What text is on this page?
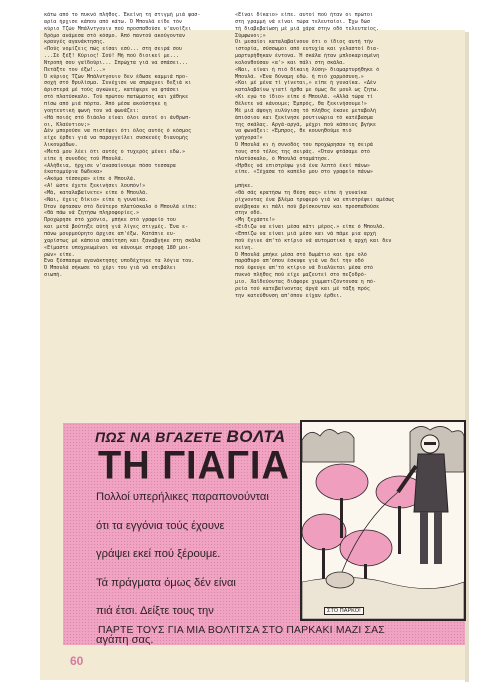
κάτω από το πυκνό πλήθος. Έκείνη τη στιγμή μιά φασ-
αρία ήρχισε κάπου από κάτω. Ό Μπουλά είδε τόν
κύριο Τζών Μπάλντγουιν πού προσπαθούσε ν'ανοίξει
δρόμο ανάμεσα στό κόσμο. Άπό παντού ακούγονταν
κραυγές αγανάκτησης.
«Πούς νομίζεις πώς είσαι εσύ... στη σειρά σου
...Σέ ξέξ! Κύριος! Σού! Μή πού διοικεί με...
Ντροπή σου γαϊδούρι... Σπρώχτα γιά να σπάσει...
Πετάξτε τον έξω!...»
Ό κύριος Τζών Μπάλντγουιν δεν έδωσε καμμιά προ-
σοχή στό θρυλίσμα. Συνέχισε να σπρώχνει δεξιά κι
άριστερά μέ τούς αγκώνες, κατέφερε να φτάσει
στό πλατύσκαλο. Τού πρώτου πατώματος και χάθηκε
πίσω από μιά πόρτα. Άπό μέσα ακούστηκε η
γοητευτική φωνή του νά φωνάζει:
«Ηά ποιός στό διάολο είναι όλοι αυτοί οι άνθρωπ-
οι, Κλαύντιον;»
Δέν μπορούσε να πιστέψει ότι όλος αυτός ό κόσμος
είχε έρθει γιά να παραγγείλει συσκευές διανομής
λικουμάδων.
«Μετά μου λέει ότι αυτός ο τυχερός μένει εδώ.»
είπε ή συνοδός τού Μπουλά.
«Αλήθεια, ήρχισε ν'ανασαίνουμε πόσο τεσσαρα
έκατομμύρια δώδεκα»
«Ακόμα τέσσερα» είπε ό Μπουλά.
«Α! ώστε έχετε ξεκινήσει λουπόν!»
«Μά, καταλαβαίνετε» είπε ό Μπουλά.
«Ναι, έχεις δίκιο» είπε η γυναίκα.
Όταν έφτασαν στό δεύτερο πλατύσκαλο ό Μπουλά είπε:
«Θά πάω νά ζητήσω πληροφορίες.»
Προχώρησε στό χρόνιο, μπήκε στό γραφείο του
και μετά βούτηξε αύτή γιά λίγες στιγμές. Ένα ε-
πάνω μουρμούρητο άρχισε απ'έξω. Κατάπιε ευ-
χαρίστως μέ κάποια απαίτηση και ξαναβγήκε στη σκάλα
«Είμαστε υποχρεωμένοι να κάνουμε στροφή 180 μοι-
ρών» είπε.
Ένα ξέσπασμα αγανάκτησης υποδέχτηκε τα λόγια του.
Ό Μπουλά σήκωσε τό χέρι του γιά νά επιβάλει
σιωπή.
«Είναι δίκαιο» είπε. αυτοί πού ήταν οι πρώτοι
στη γραμμή νά είναι τώρα τελευταίοι. Έχω δώσ
τή διαβεβαίωση μέ μιά χάρα στην οδό τελευταίος.
Σύμφωνοι;»
Οι μεσαίοι καταλαβαίνουν ότι ο ίδιος αυτή τήν
ιστορία, σύσσωμοι από ευτυχία και γελαστοί δια-
μαρτυρήθηκαν έντονα. Ή σκάλα ήταν μπλοκαρισμένη
κολουθούσαν «α'» και πάλι στη σκάλα.
«Ναι, είναι ή πιό δίκαιη λύση» διαμαρτυρήθηκε ό
Μπουλά. «Ένα δύναμη εδώ. ή πιό χαρμόσυνη.»
«Και μέ μένα τί γίνεται,» είπε ή γυναίκα. «Δέν
καταλαβαίνω γιατί ήρθα με όμως δε μουλ ως ζητω.
«Κι εγώ το ίδιο» είπε ό Μπουλά. «Αλλά τώρα τί
θέλετε νά κάνουμε; Έμπρός, θα ξεκινήσουμε!»
Μέ μιά άψογη ευλύγιση τό πλήθος έκανε μεταβολή
άπιόσιου και ξεκίνησε ρουτινώρια τό κατέβασμα
της σκάλας. Αργά-αργά, μέχρι πού κάποιος βγήκε
να φωνάξει: «Έμπρος, θε κουνηθούμε πιό
γρήγορα!»
Ό Μπουλά κι ή συνοδός του προχώρησαν τη σειρά
τους στό τέλος της σειράς. «Όταν φτάσαμε στό
πλατύσκαλο, ό Μπουλά σταμάτησε.
«Ήρθες νά επιστρέψω γιά ένα λεπτό έκεί πάνω»
είπε. «Ξέχασα τό καπέλο μου στο γραφείο πάνω»

μπήκε.
«Θά σάς κρατήσω τη θέση σας» είπε ή γυναίκα
ρίχνοντας ένα βλέμα τρυφερό γιά να επιστρέψει αμέσως
ανέβηκαν κι πάλι πού βρίσκονταν και προσπαθούσε
στην οδό.
«Μη ξεχάστε!»
«Ειδιζω να είναι μέσα κάτι μέρος.» είπε ό Μπουλά.
«Εππίζω να είναι μιά μέσο και νά πάμε μια αρχή
πού έγινε άπ'τό κτίριο νά αυτοματικό η αρχή και δεν
κείνη.
Ό Μπουλά μπήκε μέσα στό δωμάτιο και ήρε ολό
παράθυρο απ'όπου έσκυψε γιά να δεί την οδό
πού έφευγε απ'τό κτίριο νά διαλύεται μέσα στό
πυκνό πλήθος πού είχε μαζευτεί στο πεζοδρό-
μιο. Χαϊδεύοντας διάφορε χυμματιζόντουσα η πό-
ρεία τού κατεβαίνοντας άργά και μέ τάξη πρός
την κατεύθυνση απ'όπου είχαν έρθει.
ΠΩΣ ΝΑ ΒΓΑΖΕΤΕ ΒΟΛΤΑ
ΤΗ ΓΙΑΓΙΑ
Πολλοί υπερήλικες παραπονούνται
ότι τα εγγόνια τούς έχουνε
γράψει εκεί πού ξέρουμε.
Τά πράγματα όμως δέν είναι
πιά έτσι. Δείξτε τους την
αγάπη σας.
ΣΤΟ ΠΑΡΚΟ!
ΠΑΡΤΕ ΤΟΥΣ ΓΙΑ ΜΙΑ ΒΟΛΤΙΤΣΑ ΣΤΟ ΠΑΡΚΑΚΙ ΜΑΖΙ ΣΑΣ
60
